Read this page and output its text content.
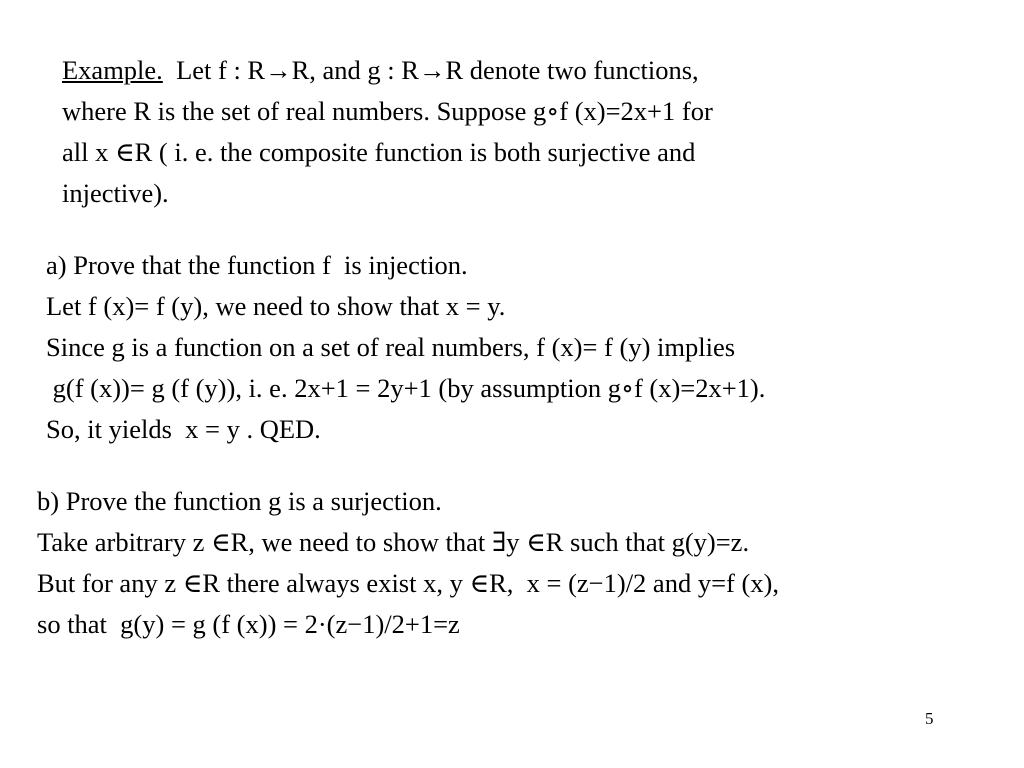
Example.  Let f : R→R, and g : R→R denote two functions,

where R is the set of real numbers. Suppose g∘f (x)=2x+1 for

all x ∈R ( i. e. the composite function is both surjective and

injective).

a) Prove that the function f  is injection.

Let f (x)= f (y), we need to show that x = y.

Since g is a function on a set of real numbers, f (x)= f (y) implies

g(f (x))= g (f (y)), i. e. 2x+1 = 2y+1 (by assumption g∘f (x)=2x+1).

So, it yields  x = y . QED.

b) Prove the function g is a surjection.

Take arbitrary z ∈R, we need to show that ∃y ∈R such that g(y)=z.

But for any z ∈R there always exist x, y ∈R,  x = (z−1)/2 and y=f (x),

so that  g(y) = g (f (x)) = 2·(z−1)/2+1=z

5
